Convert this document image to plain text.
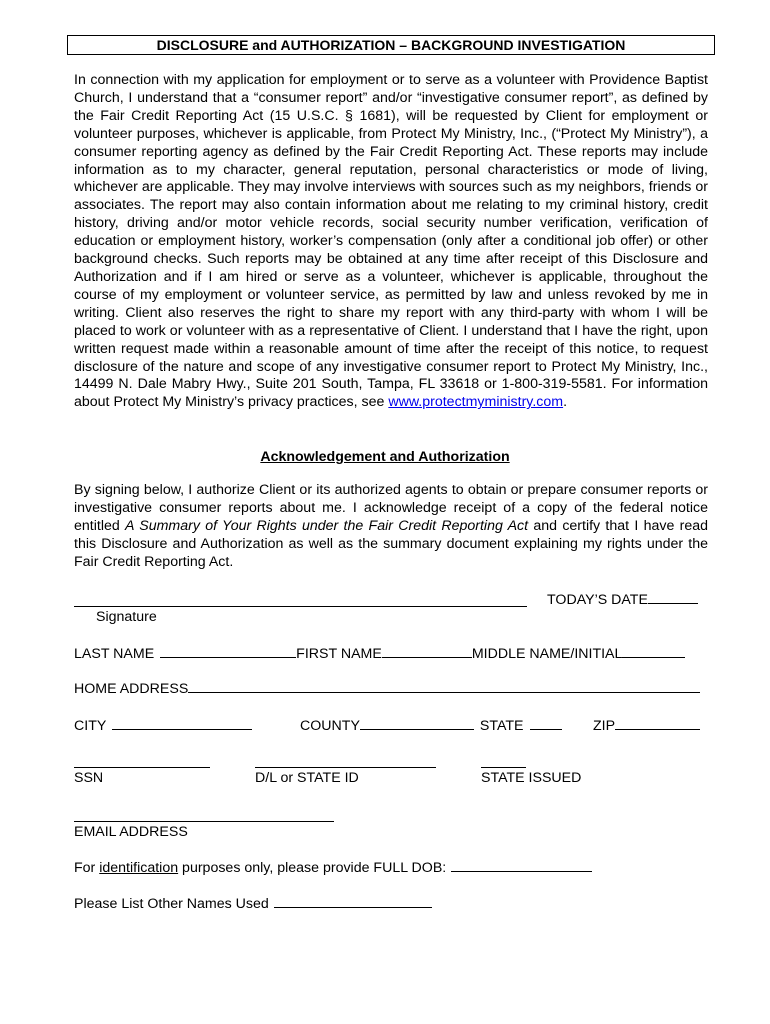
DISCLOSURE and AUTHORIZATION – BACKGROUND INVESTIGATION

In connection with my application for employment or to serve as a volunteer with Providence Baptist Church, I understand that a “consumer report” and/or “investigative consumer report”, as defined by the Fair Credit Reporting Act (15 U.S.C. § 1681), will be requested by Client for employment or volunteer purposes, whichever is applicable, from Protect My Ministry, Inc., (“Protect My Ministry”), a consumer reporting agency as defined by the Fair Credit Reporting Act. These reports may include information as to my character, general reputation, personal characteristics or mode of living, whichever are applicable. They may involve interviews with sources such as my neighbors, friends or associates. The report may also contain information about me relating to my criminal history, credit history, driving and/or motor vehicle records, social security number verification, verification of education or employment history, worker’s compensation (only after a conditional job offer) or other background checks. Such reports may be obtained at any time after receipt of this Disclosure and Authorization and if I am hired or serve as a volunteer, whichever is applicable, throughout the course of my employment or volunteer service, as permitted by law and unless revoked by me in writing. Client also reserves the right to share my report with any third-party with whom I will be placed to work or volunteer with as a representative of Client. I understand that I have the right, upon written request made within a reasonable amount of time after the receipt of this notice, to request disclosure of the nature and scope of any investigative consumer report to Protect My Ministry, Inc., 14499 N. Dale Mabry Hwy., Suite 201 South, Tampa, FL 33618 or 1-800-319-5581. For information about Protect My Ministry’s privacy practices, see www.protectmyministry.com.

Acknowledgement and Authorization

By signing below, I authorize Client or its authorized agents to obtain or prepare consumer reports or investigative consumer reports about me. I acknowledge receipt of a copy of the federal notice entitled A Summary of Your Rights under the Fair Credit Reporting Act and certify that I have read this Disclosure and Authorization as well as the summary document explaining my rights under the Fair Credit Reporting Act.

Signature
TODAY’S DATE
LAST NAME	FIRST NAME	MIDDLE NAME/INITIAL
HOME ADDRESS
CITY	COUNTY	STATE	ZIP
SSN	D/L or STATE ID	STATE ISSUED
EMAIL ADDRESS
For identification purposes only, please provide FULL DOB:
Please List Other Names Used
